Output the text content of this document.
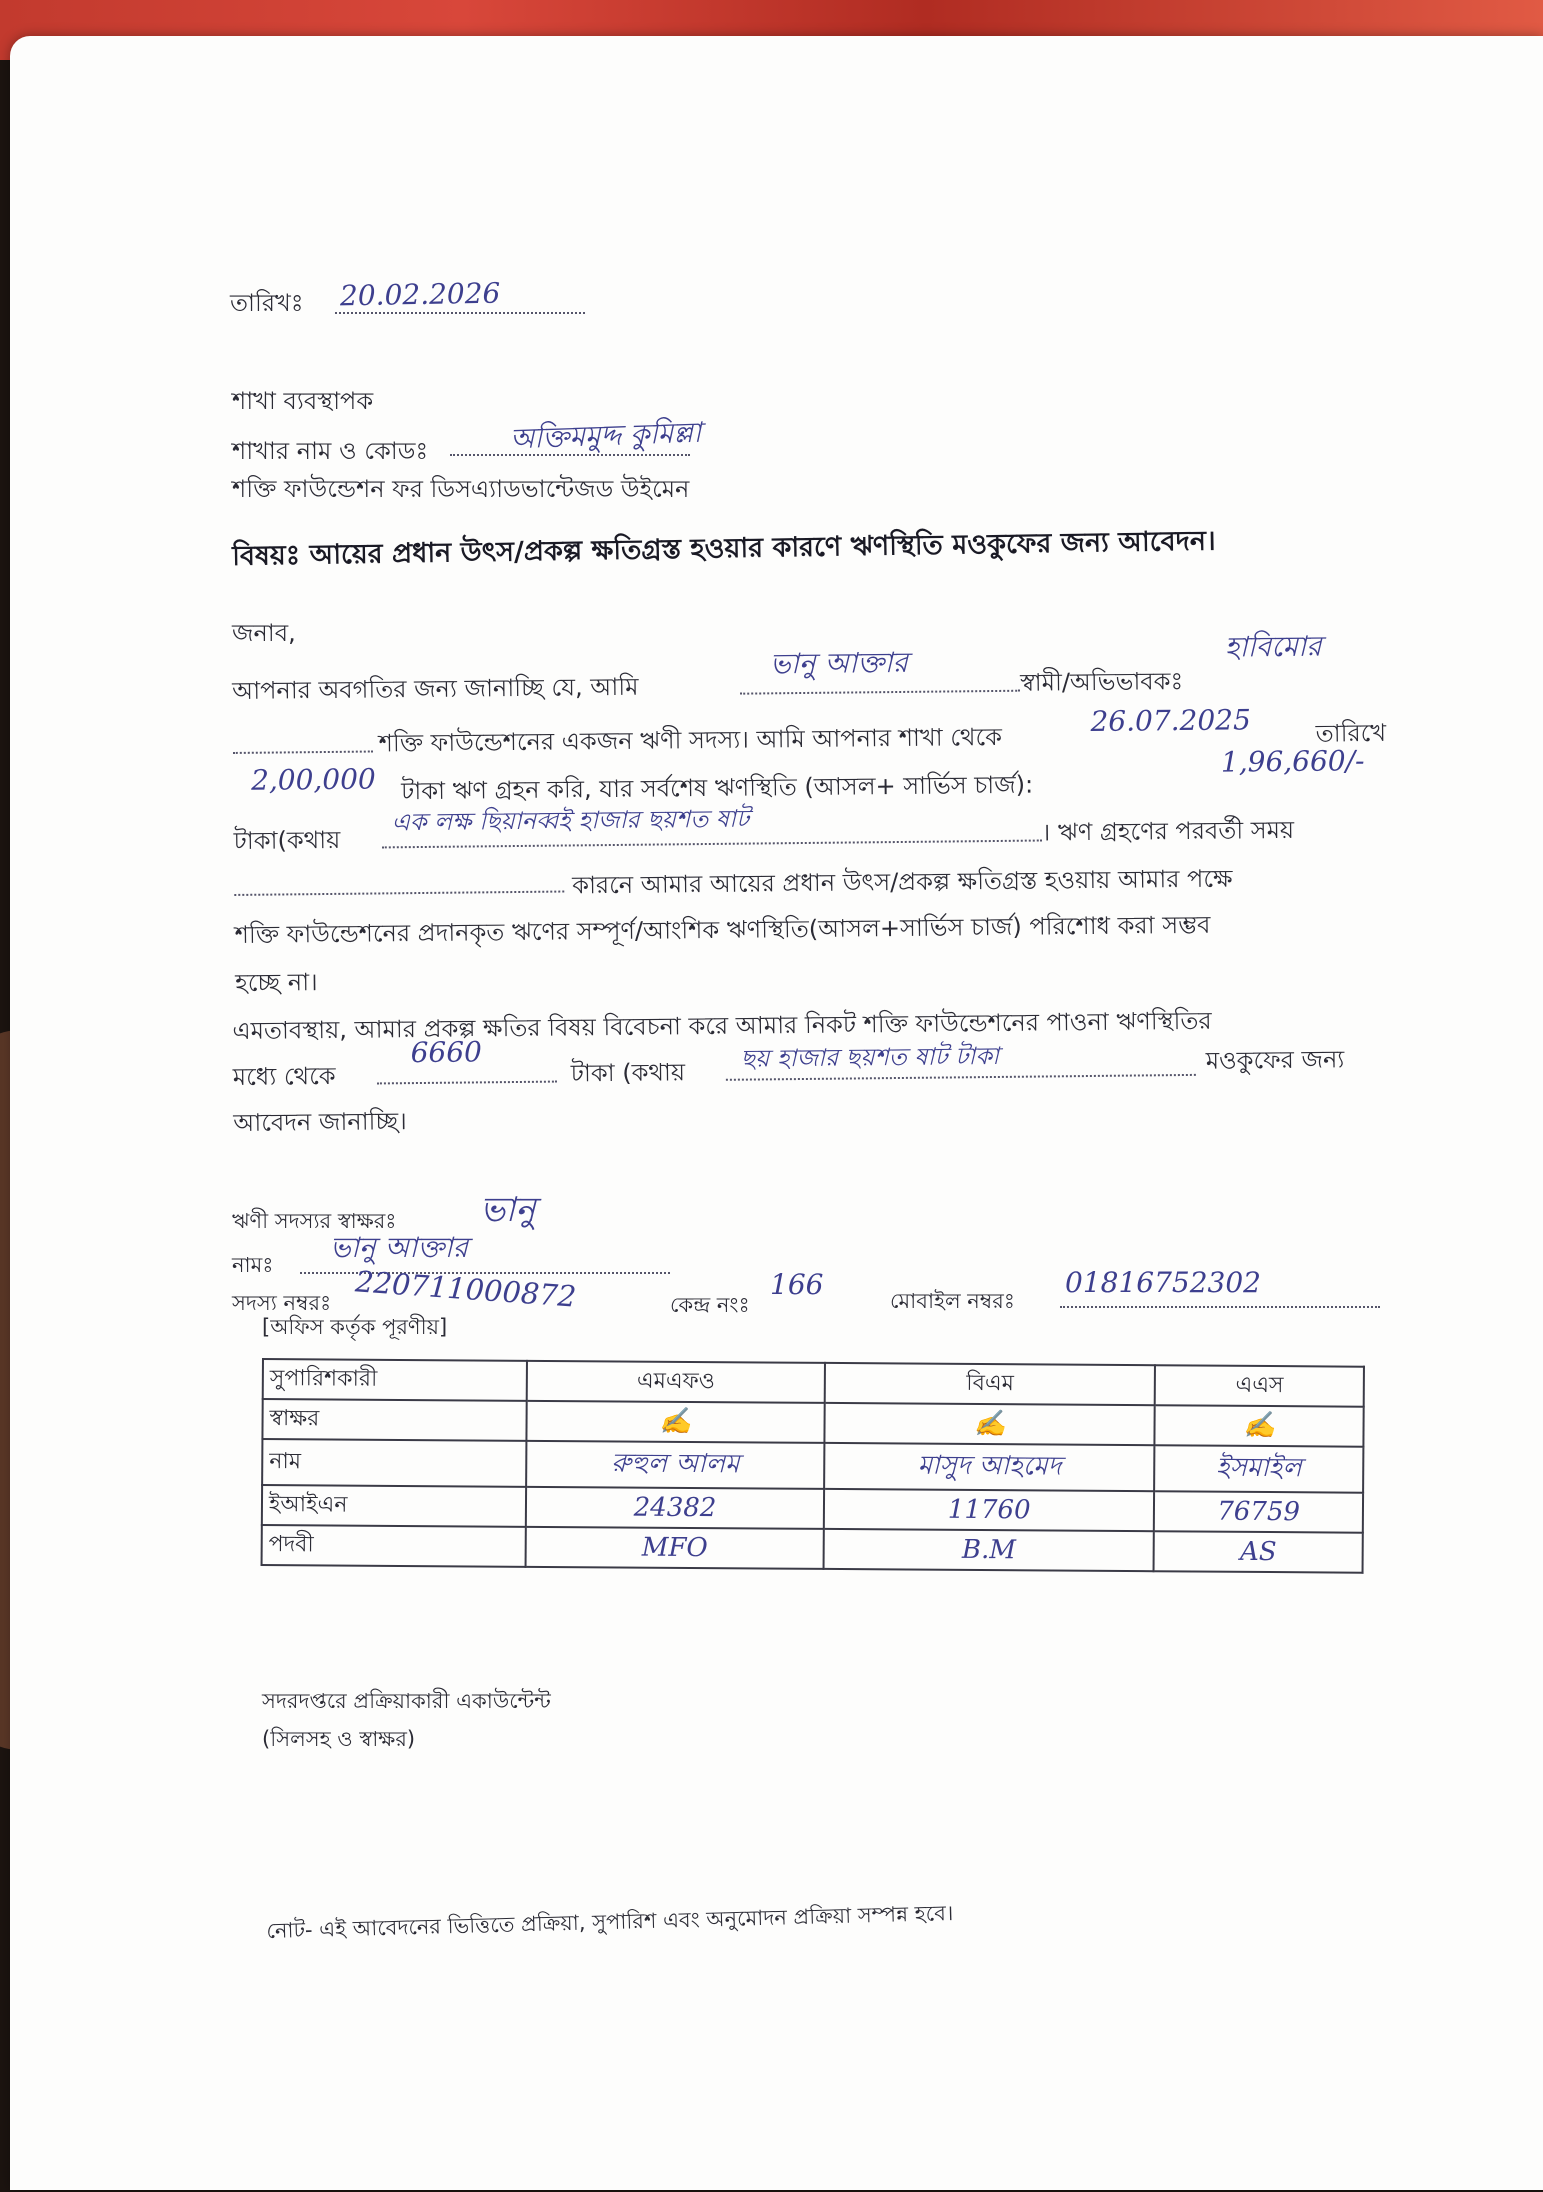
তারিখঃ 20.02.2026
শাখা ব্যবস্থাপক
শাখার নাম ও কোডঃ	অক্তিমমুদ্দ কুমিল্লা
শক্তি ফাউন্ডেশন ফর ডিসএ্যাডভান্টেজড উইমেন
বিষয়ঃ আয়ের প্রধান উৎস/প্রকল্প ক্ষতিগ্রস্ত হওয়ার কারণে ঋণস্থিতি মওকুফের জন্য আবেদন।
জনাব,
আপনার অবগতির জন্য জানাচ্ছি যে, আমি
ভানু আক্তার
স্বামী/অভিভাবকঃ
হাবিমোর
শক্তি ফাউন্ডেশনের একজন ঋণী সদস্য। আমি আপনার শাখা থেকে
26.07.2025	তারিখে
2,00,000 টাকা ঋণ গ্রহন করি, যার সর্বশেষ ঋণস্থিতি (আসল+ সার্ভিস চার্জ):
1,96,660/-
টাকা(কথায়
এক লক্ষ ছিয়ানব্বই হাজার ছয়শত ষাট	। ঋণ গ্রহণের পরবর্তী সময়
কারনে আমার আয়ের প্রধান উৎস/প্রকল্প ক্ষতিগ্রস্ত হওয়ায় আমার পক্ষে
শক্তি ফাউন্ডেশনের প্রদানকৃত ঋণের সম্পূর্ণ/আংশিক ঋণস্থিতি(আসল+সার্ভিস চার্জ) পরিশোধ করা সম্ভব
হচ্ছে না।
এমতাবস্থায়, আমার প্রকল্প ক্ষতির বিষয় বিবেচনা করে আমার নিকট শক্তি ফাউন্ডেশনের পাওনা ঋণস্থিতির
মধ্যে থেকে
6660
টাকা (কথায়
ছয় হাজার ছয়শত ষাট টাকা	মওকুফের জন্য
আবেদন জানাচ্ছি।
ঋণী সদস্যর স্বাক্ষরঃ ভানু
নামঃ
ভানু আক্তার
সদস্য নম্বরঃ 220711000872	কেন্দ্র নংঃ
166	মোবাইল নম্বরঃ
01816752302
[অফিস কর্তৃক পূরণীয়]
সুপারিশকারী	এমএফও	বিএম	এএস
স্বাক্ষর	✍	✍	✍
নাম	রুহুল আলম	মাসুদ আহমেদ	ইসমাইল
ইআইএন	24382	11760	76759
পদবী	MFO	B.M	AS
সদরদপ্তরে প্রক্রিয়াকারী একাউন্টেন্ট
(সিলসহ ও স্বাক্ষর)
নোট- এই আবেদনের ভিত্তিতে প্রক্রিয়া, সুপারিশ এবং অনুমোদন প্রক্রিয়া সম্পন্ন হবে।
